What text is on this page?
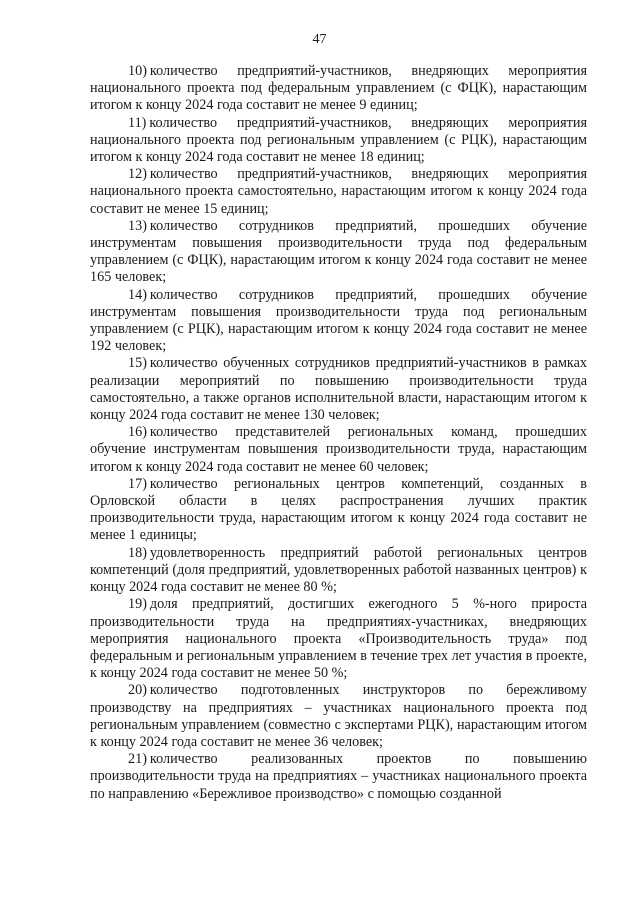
47

10) количество предприятий-участников, внедряющих мероприятия национального проекта под федеральным управлением (с ФЦК), нарастающим итогом к концу 2024 года составит не менее 9 единиц;

11) количество предприятий-участников, внедряющих мероприятия национального проекта под региональным управлением (с РЦК), нарастающим итогом к концу 2024 года составит не менее 18 единиц;

12) количество предприятий-участников, внедряющих мероприятия национального проекта самостоятельно, нарастающим итогом к концу 2024 года составит не менее 15 единиц;

13) количество сотрудников предприятий, прошедших обучение инструментам повышения производительности труда под федеральным управлением (с ФЦК), нарастающим итогом к концу 2024 года составит не менее 165 человек;

14) количество сотрудников предприятий, прошедших обучение инструментам повышения производительности труда под региональным управлением (с РЦК), нарастающим итогом к концу 2024 года составит не менее 192 человек;

15) количество обученных сотрудников предприятий-участников в рамках реализации мероприятий по повышению производительности труда самостоятельно, а также органов исполнительной власти, нарастающим итогом к концу 2024 года составит не менее 130 человек;

16) количество представителей региональных команд, прошедших обучение инструментам повышения производительности труда, нарастающим итогом к концу 2024 года составит не менее 60 человек;

17) количество региональных центров компетенций, созданных в Орловской области в целях распространения лучших практик производительности труда, нарастающим итогом к концу 2024 года составит не менее 1 единицы;

18) удовлетворенность предприятий работой региональных центров компетенций (доля предприятий, удовлетворенных работой названных центров) к концу 2024 года составит не менее 80 %;

19) доля предприятий, достигших ежегодного 5 %-ного прироста производительности труда на предприятиях-участниках, внедряющих мероприятия национального проекта «Производительность труда» под федеральным и региональным управлением в течение трех лет участия в проекте, к концу 2024 года составит не менее 50 %;

20) количество подготовленных инструкторов по бережливому производству на предприятиях – участниках национального проекта под региональным управлением (совместно с экспертами РЦК), нарастающим итогом к концу 2024 года составит не менее 36 человек;

21) количество реализованных проектов по повышению производительности труда на предприятиях – участниках национального проекта по направлению «Бережливое производство» с помощью созданной
